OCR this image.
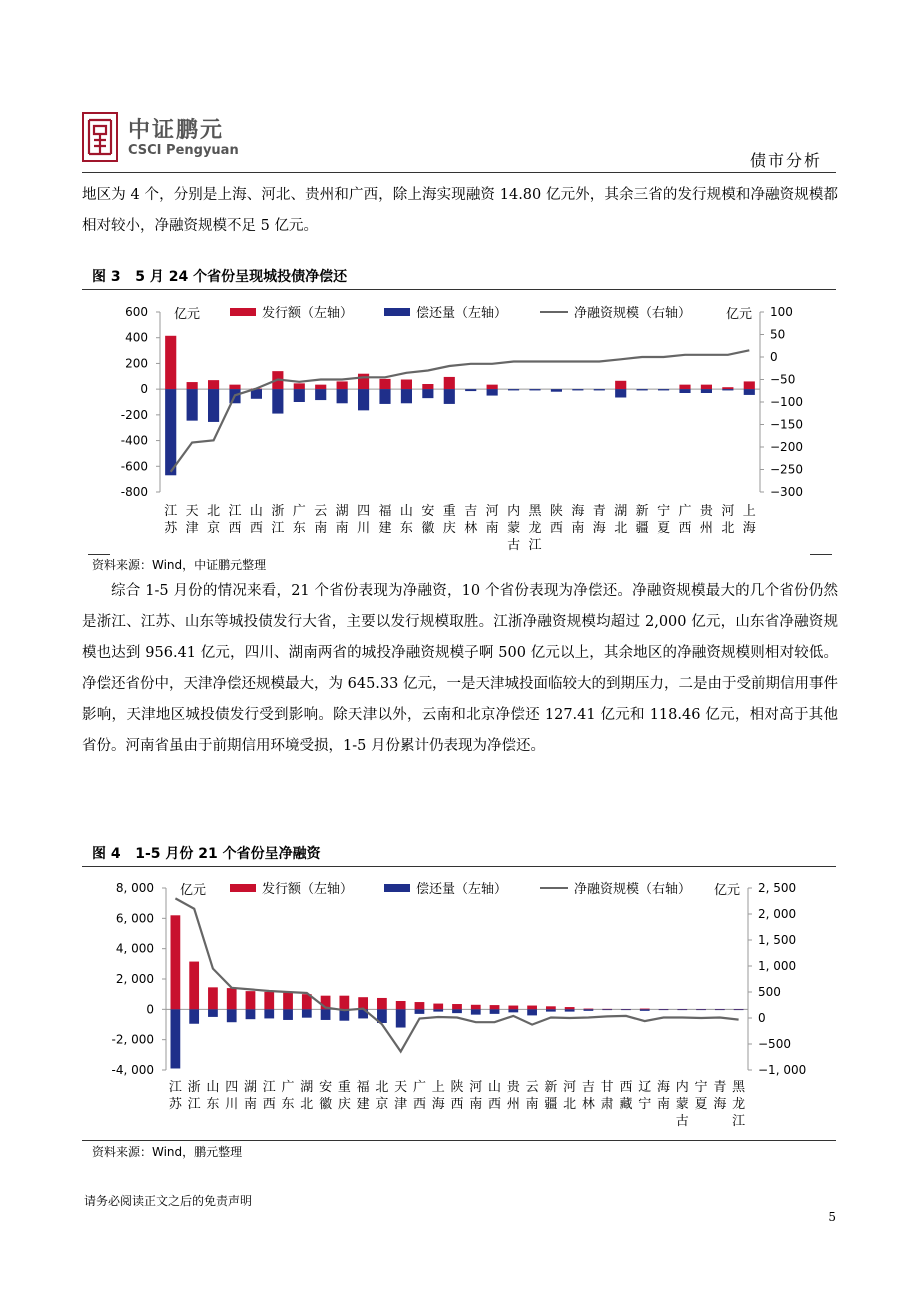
中证鹏元
CSCI Pengyuan
债市分析
地区为 4 个，分别是上海、河北、贵州和广西，除上海实现融资 14.80 亿元外，其余三省的发行规模和净融资规模都相对较小，净融资规模不足 5 亿元。
图 3 5 月 24 个省份呈现城投债净偿还
600
400
200
0
-200
-400
-600
-800
100
50
0
−50
−100
−150
−200
−250
−300
亿元	亿元
发行额（左轴）	偿还量（左轴）	净融资规模（右轴）
江苏
天津
北京
江西
山西
浙江
广东
云南
湖南
四川
福建
山东
安徽
重庆
吉林
河南
内蒙古
黑龙江
陕西
海南
青海
湖北
新疆
宁夏
广西
贵州
河北
上海
资料来源：Wind，中证鹏元整理
综合 1-5 月份的情况来看，21 个省份表现为净融资，10 个省份表现为净偿还。净融资规模最大的几个省份仍然是浙江、江苏、山东等城投债发行大省，主要以发行规模取胜。江浙净融资规模均超过 2,000 亿元，山东省净融资规模也达到 956.41 亿元，四川、湖南两省的城投净融资规模子啊 500 亿元以上，其余地区的净融资规模则相对较低。净偿还省份中，天津净偿还规模最大，为 645.33 亿元，一是天津城投面临较大的到期压力，二是由于受前期信用事件影响，天津地区城投债发行受到影响。除天津以外，云南和北京净偿还 127.41 亿元和 118.46 亿元，相对高于其他省份。河南省虽由于前期信用环境受损，1-5 月份累计仍表现为净偿还。
图 4 1-5 月份 21 个省份呈净融资
8, 000
6, 000
4, 000
2, 000
0
-2, 000
-4, 000
2, 500
2, 000
1, 500
1, 000
500
0
−500
−1, 000
亿元	亿元
发行额（左轴）	偿还量（左轴）	净融资规模（右轴）
江苏
浙江
山东
四川
湖南
江西
广东
湖北
安徽
重庆
福建
北京
天津
广西
上海
陕西
河南
山西
贵州
云南
新疆
河北
吉林
甘肃
西藏
辽宁
海南
内蒙古
宁夏
青海
黑龙江
资料来源：Wind，鹏元整理
请务必阅读正文之后的免责声明
5
